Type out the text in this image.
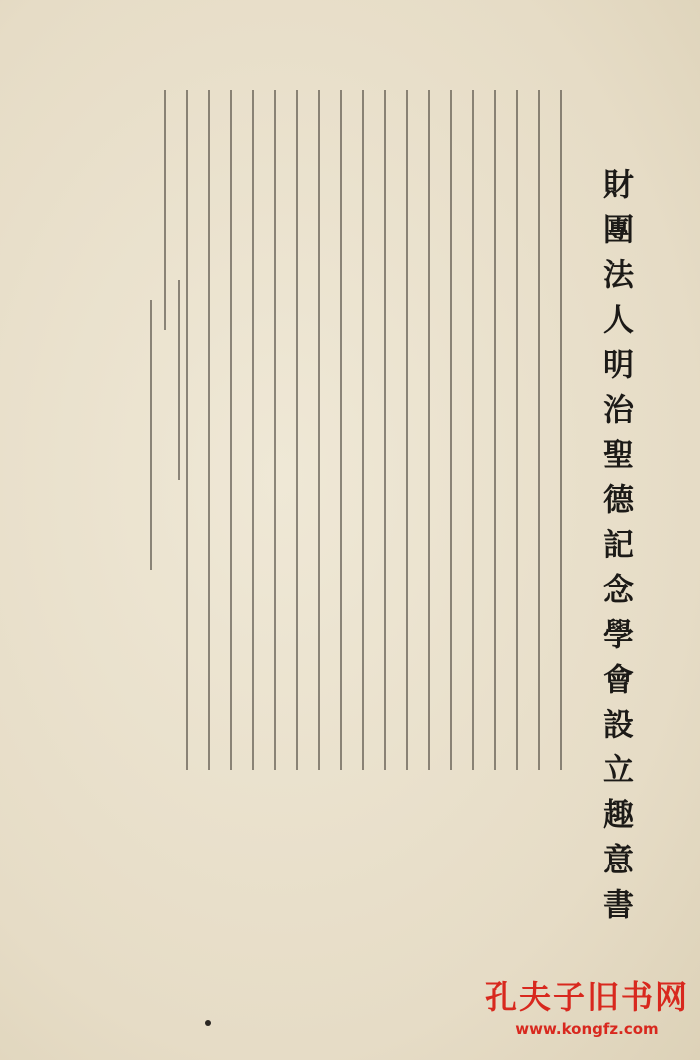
財團法人明治聖德記念學會設立趣意書
孔夫子旧书网
www.kongfz.com
